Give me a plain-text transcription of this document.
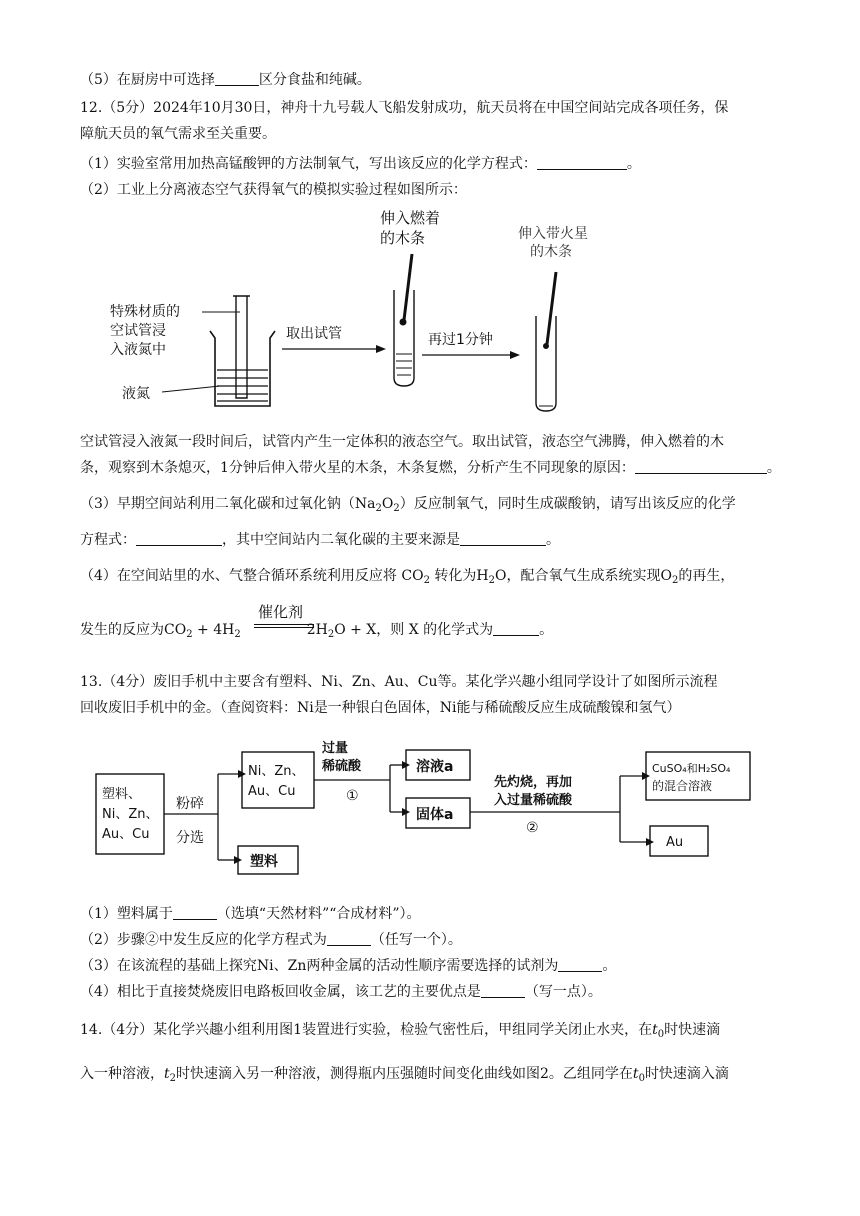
（5）在厨房中可选择	区分食盐和纯碱。
12.（5分）2024年10月30日，神舟十九号载人飞船发射成功，航天员将在中国空间站完成各项任务，保
障航天员的氧气需求至关重要。
（1）实验室常用加热高锰酸钾的方法制氧气，写出该反应的化学方程式：	。
（2）工业上分离液态空气获得氧气的模拟实验过程如图所示：
特殊材质的
空试管浸
入液氮中
液氮
取出试管
伸入燃着
的木条
再过1分钟
伸入带火星
的木条
空试管浸入液氮一段时间后，试管内产生一定体积的液态空气。取出试管，液态空气沸腾，伸入燃着的木
条，观察到木条熄灭，1分钟后伸入带火星的木条，木条复燃，分析产生不同现象的原因：	。
（3）早期空间站利用二氧化碳和过氧化钠$(Na_2O_2)$反应制氧气，同时生成碳酸钠，请写出该反应的化学
方程式：	，其中空间站内二氧化碳的主要来源是	。
（4）在空间站里的水、气整合循环系统利用反应将 $CO_2$ 转化为$H_2O$，配合氧气生成系统实现$O_2$的再生，
催化剂
发生的反应为$CO_2 + 4H_2$	$2H_2O + X$，则 X 的化学式为	。
13.（4分）废旧手机中主要含有塑料、Ni、Zn、Au、Cu等。某化学兴趣小组同学设计了如图所示流程
回收废旧手机中的金。（查阅资料：Ni是一种银白色固体，Ni能与稀硫酸反应生成硫酸镍和氢气）
塑料、
Ni、Zn、
Au、Cu
粉碎
分选
Ni、Zn、
Au、Cu
塑料
过量
稀硫酸
①
溶液a
固体a
先灼烧，再加
入过量稀硫酸
②
CuSO₄和H₂SO₄
的混合溶液
Au
（1）塑料属于	（选填“天然材料”“合成材料”）。
（2）步骤②中发生反应的化学方程式为	（任写一个）。
（3）在该流程的基础上探究Ni、Zn两种金属的活动性顺序需要选择的试剂为	。
（4）相比于直接焚烧废旧电路板回收金属，该工艺的主要优点是	（写一点）。
14.（4分）某化学兴趣小组利用图1装置进行实验，检验气密性后，甲组同学关闭止水夹，在$t_0$时快速滴
入一种溶液，$t_2$时快速滴入另一种溶液，测得瓶内压强随时间变化曲线如图2。乙组同学在$t_0$时快速滴入滴
